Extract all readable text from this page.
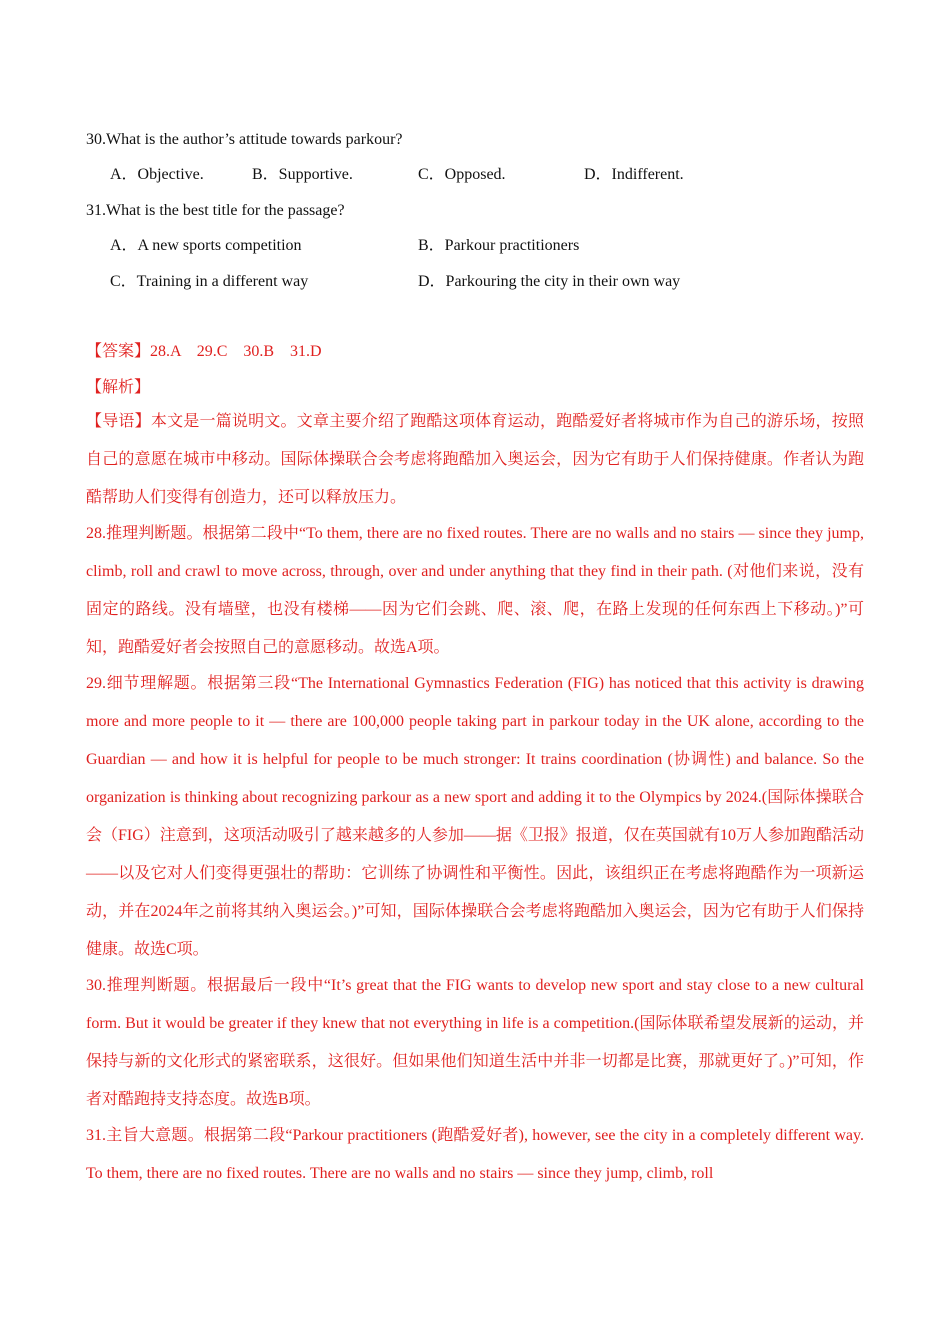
30.What is the author’s attitude towards parkour?
A．Objective.	B．Supportive.	C．Opposed.	D．Indifferent.
31.What is the best title for the passage?
A．A new sports competition	B．Parkour practitioners
C．Training in a different way	D．Parkouring the city in their own way
【答案】28.A　29.C　30.B　31.D
【解析】
【导语】本文是一篇说明文。文章主要介绍了跑酷这项体育运动，跑酷爱好者将城市作为自己的游乐场，按照自己的意愿在城市中移动。国际体操联合会考虑将跑酷加入奥运会，因为它有助于人们保持健康。作者认为跑酷帮助人们变得有创造力，还可以释放压力。
28.推理判断题。根据第二段中“To them, there are no fixed routes. There are no walls and no stairs — since they jump, climb, roll and crawl to move across, through, over and under anything that they find in their path. (对他们来说，没有固定的路线。没有墙壁，也没有楼梯——因为它们会跳、爬、滚、爬，在路上发现的任何东西上下移动。)”可知，跑酷爱好者会按照自己的意愿移动。故选A项。
29.细节理解题。根据第三段“The International Gymnastics Federation (FIG) has noticed that this activity is drawing more and more people to it — there are 100,000 people taking part in parkour today in the UK alone, according to the Guardian — and how it is helpful for people to be much stronger: It trains coordination (协调性) and balance. So the organization is thinking about recognizing parkour as a new sport and adding it to the Olympics by 2024.(国际体操联合会（FIG）注意到，这项活动吸引了越来越多的人参加——据《卫报》报道，仅在英国就有10万人参加跑酷活动——以及它对人们变得更强壮的帮助：它训练了协调性和平衡性。因此，该组织正在考虑将跑酷作为一项新运动，并在2024年之前将其纳入奥运会。)”可知，国际体操联合会考虑将跑酷加入奥运会，因为它有助于人们保持健康。故选C项。
30.推理判断题。根据最后一段中“It’s great that the FIG wants to develop new sport and stay close to a new cultural form. But it would be greater if they knew that not everything in life is a competition.(国际体联希望发展新的运动，并保持与新的文化形式的紧密联系，这很好。但如果他们知道生活中并非一切都是比赛，那就更好了。)”可知，作者对酷跑持支持态度。故选B项。
31.主旨大意题。根据第二段“Parkour practitioners (跑酷爱好者), however, see the city in a completely different way. To them, there are no fixed routes. There are no walls and no stairs — since they jump, climb, roll
